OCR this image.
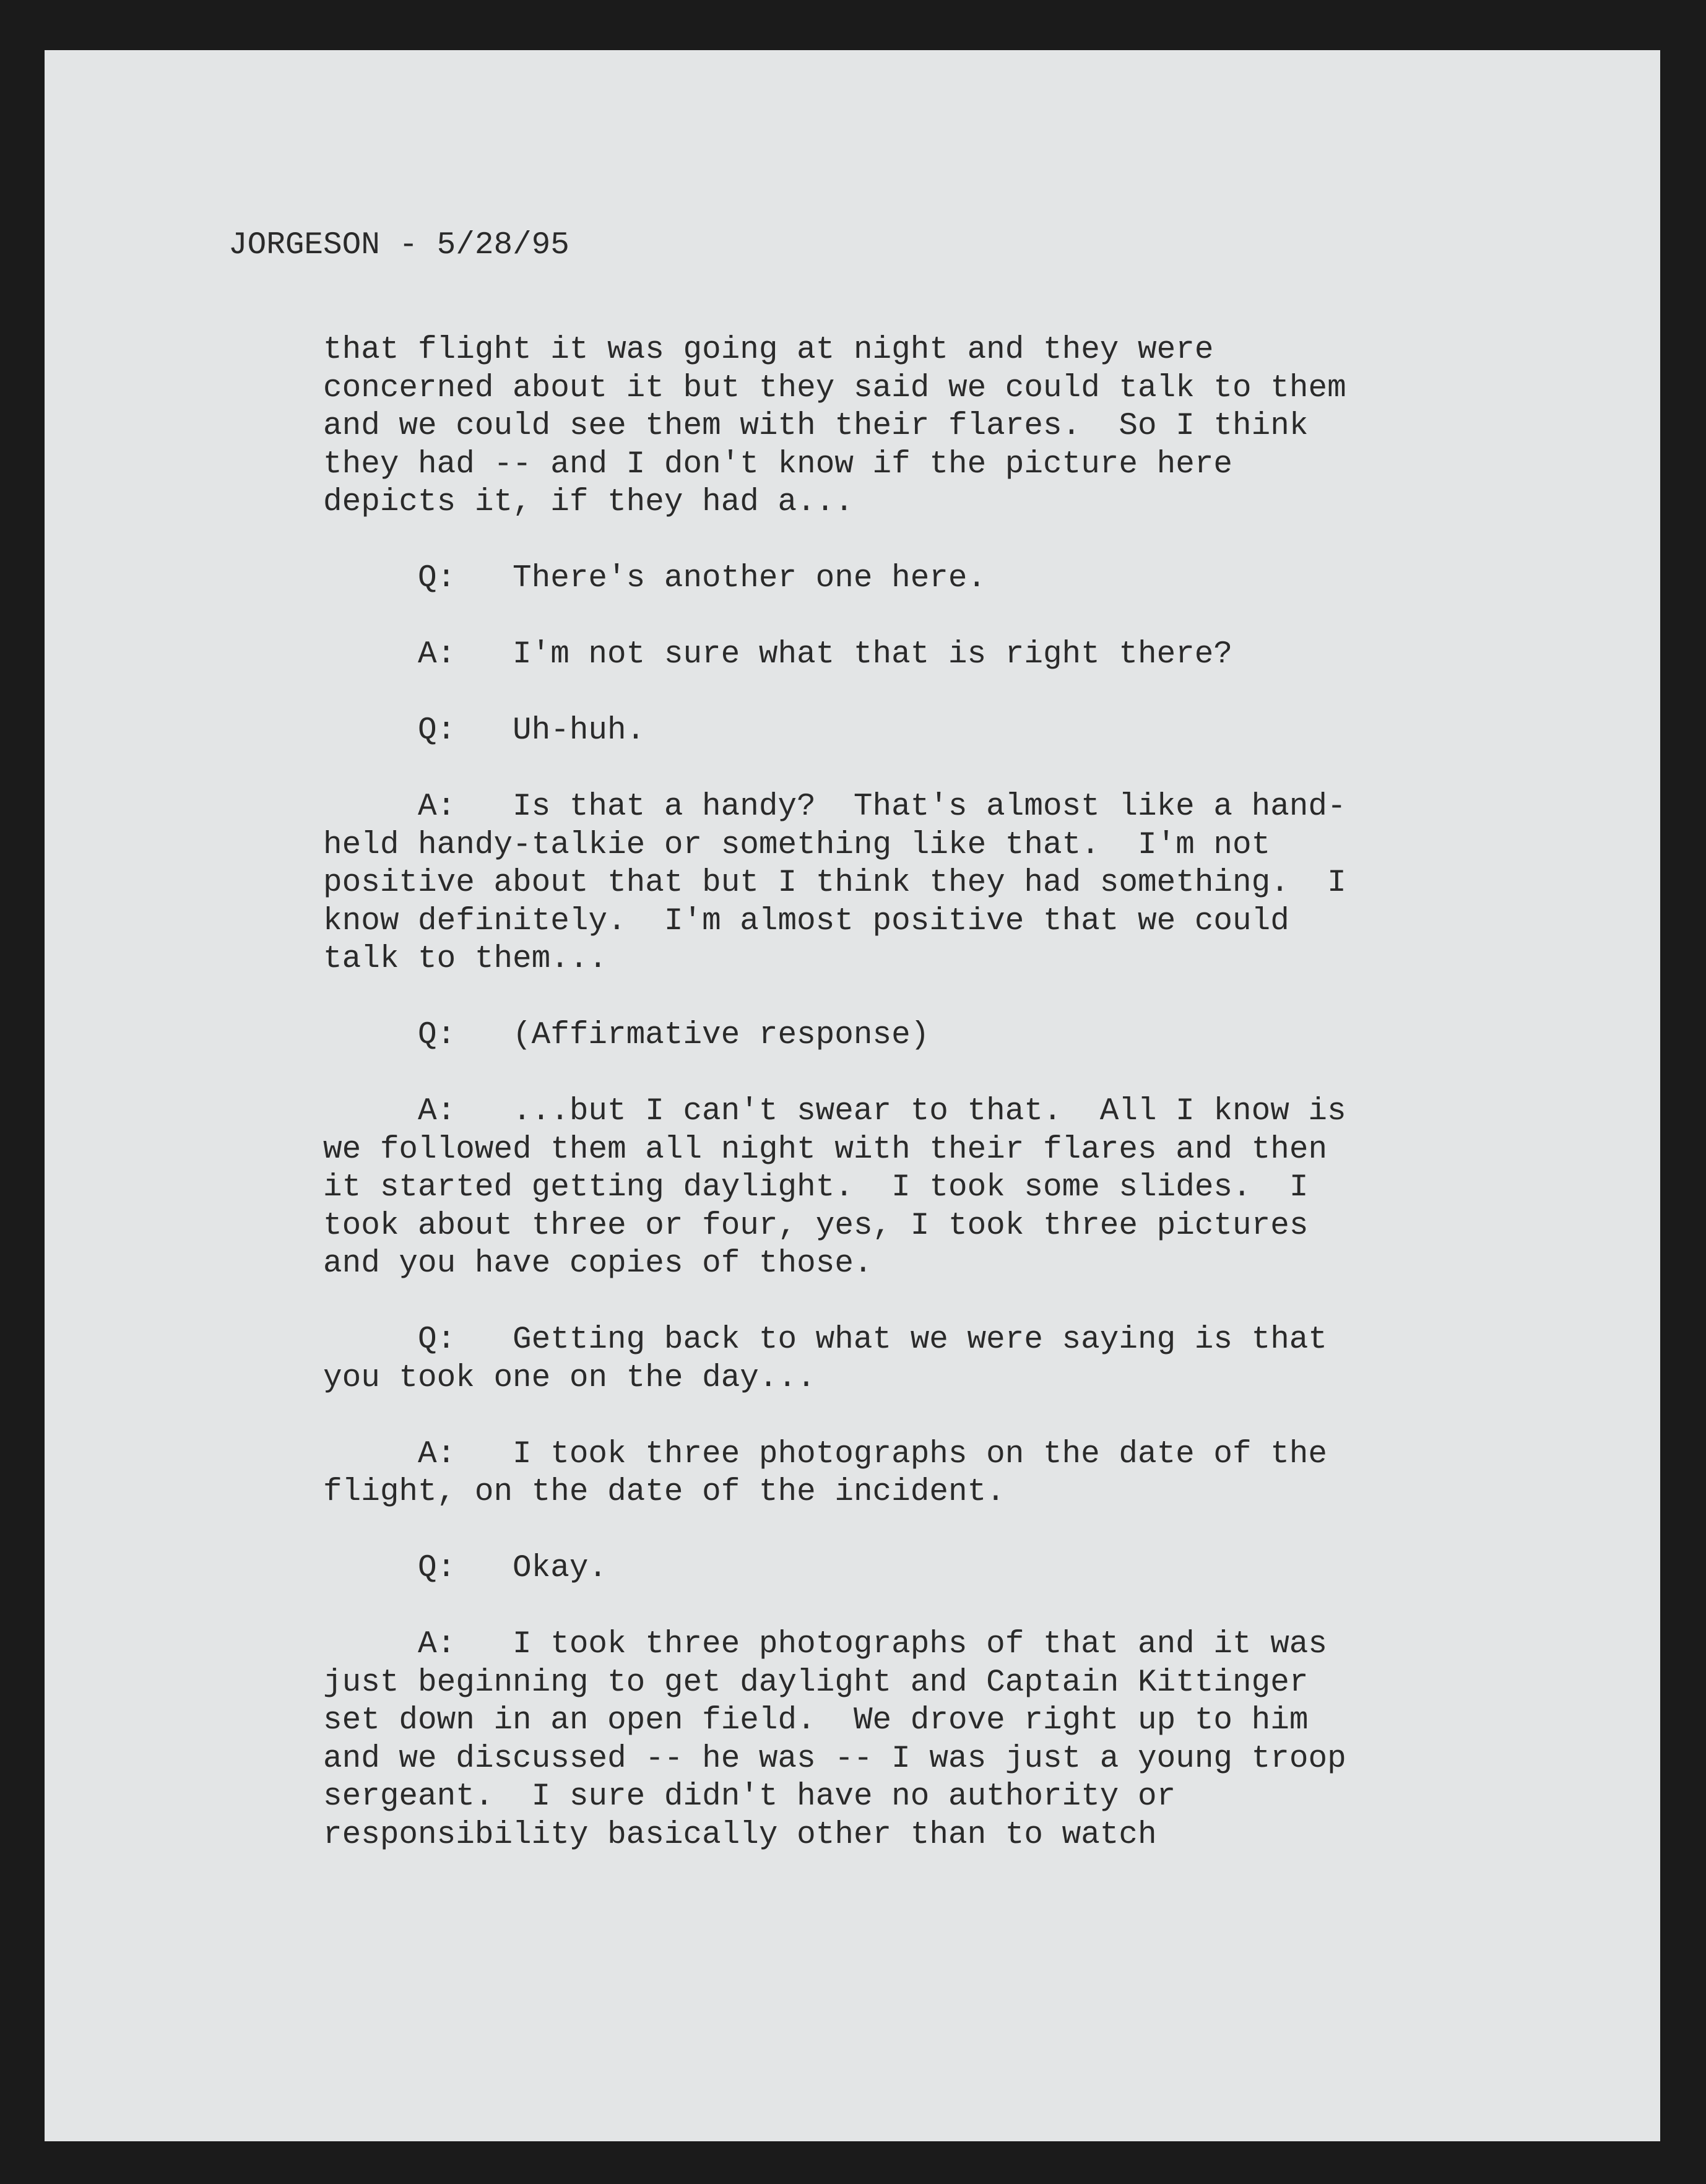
JORGESON - 5/28/95

that flight it was going at night and they were
concerned about it but they said we could talk to them
and we could see them with their flares.  So I think
they had -- and I don't know if the picture here
depicts it, if they had a...
Q: There's another one here.
A: I'm not sure what that is right there?
Q: Uh-huh.
A: Is that a handy?  That's almost like a hand-
held handy-talkie or something like that.  I'm not
positive about that but I think they had something.  I
know definitely.  I'm almost positive that we could
talk to them...
Q: (Affirmative response)
A: ...but I can't swear to that.  All I know is
we followed them all night with their flares and then
it started getting daylight.  I took some slides.  I
took about three or four, yes, I took three pictures
and you have copies of those.
Q: Getting back to what we were saying is that
you took one on the day...
A: I took three photographs on the date of the
flight, on the date of the incident.
Q: Okay.
A: I took three photographs of that and it was
just beginning to get daylight and Captain Kittinger
set down in an open field.  We drove right up to him
and we discussed -- he was -- I was just a young troop
sergeant.  I sure didn't have no authority or
responsibility basically other than to watch
